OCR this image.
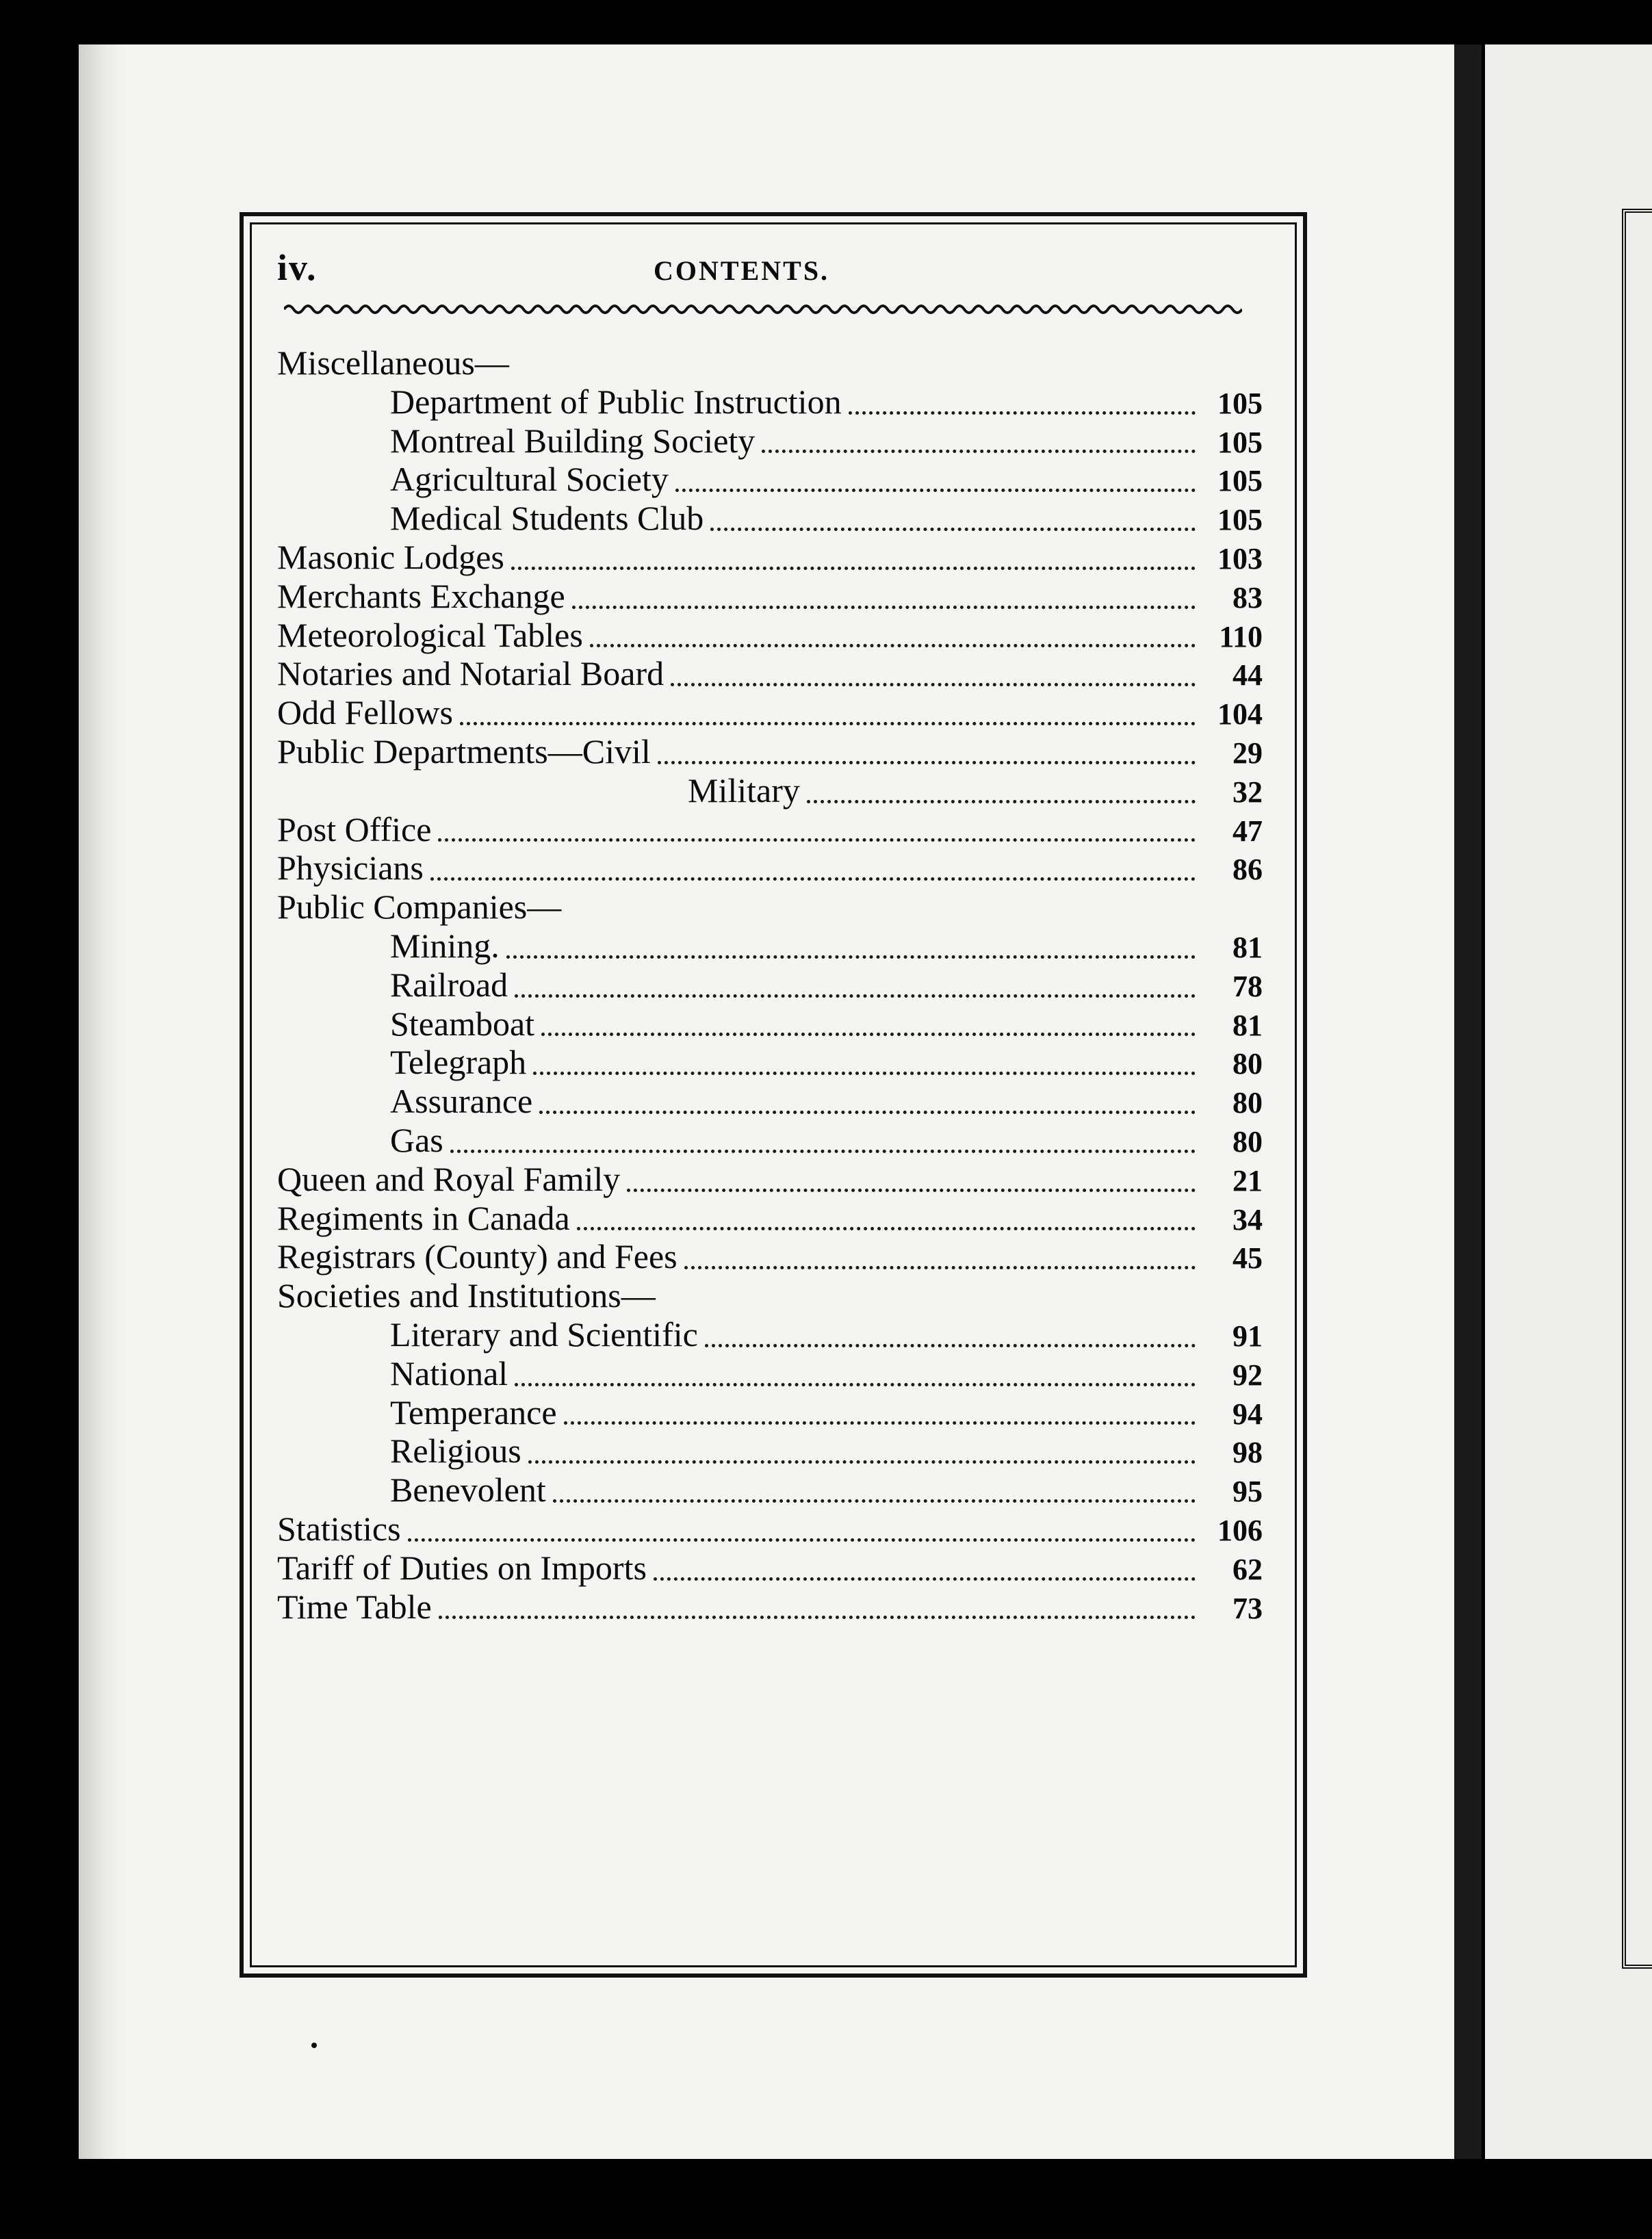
iv.	CONTENTS.
Miscellaneous—
Department of Public Instruction	105
Montreal Building Society	105
Agricultural Society	105
Medical Students Club	105
Masonic Lodges	103
Merchants Exchange	83
Meteorological Tables	110
Notaries and Notarial Board	44
Odd Fellows	104
Public Departments—Civil	29
Military	32
Post Office	47
Physicians	86
Public Companies—
Mining.	81
Railroad	78
Steamboat	81
Telegraph	80
Assurance	80
Gas	80
Queen and Royal Family	21
Regiments in Canada	34
Registrars (County) and Fees	45
Societies and Institutions—
Literary and Scientific	91
National	92
Temperance	94
Religious	98
Benevolent	95
Statistics	106
Tariff of Duties on Imports	62
Time Table	73
